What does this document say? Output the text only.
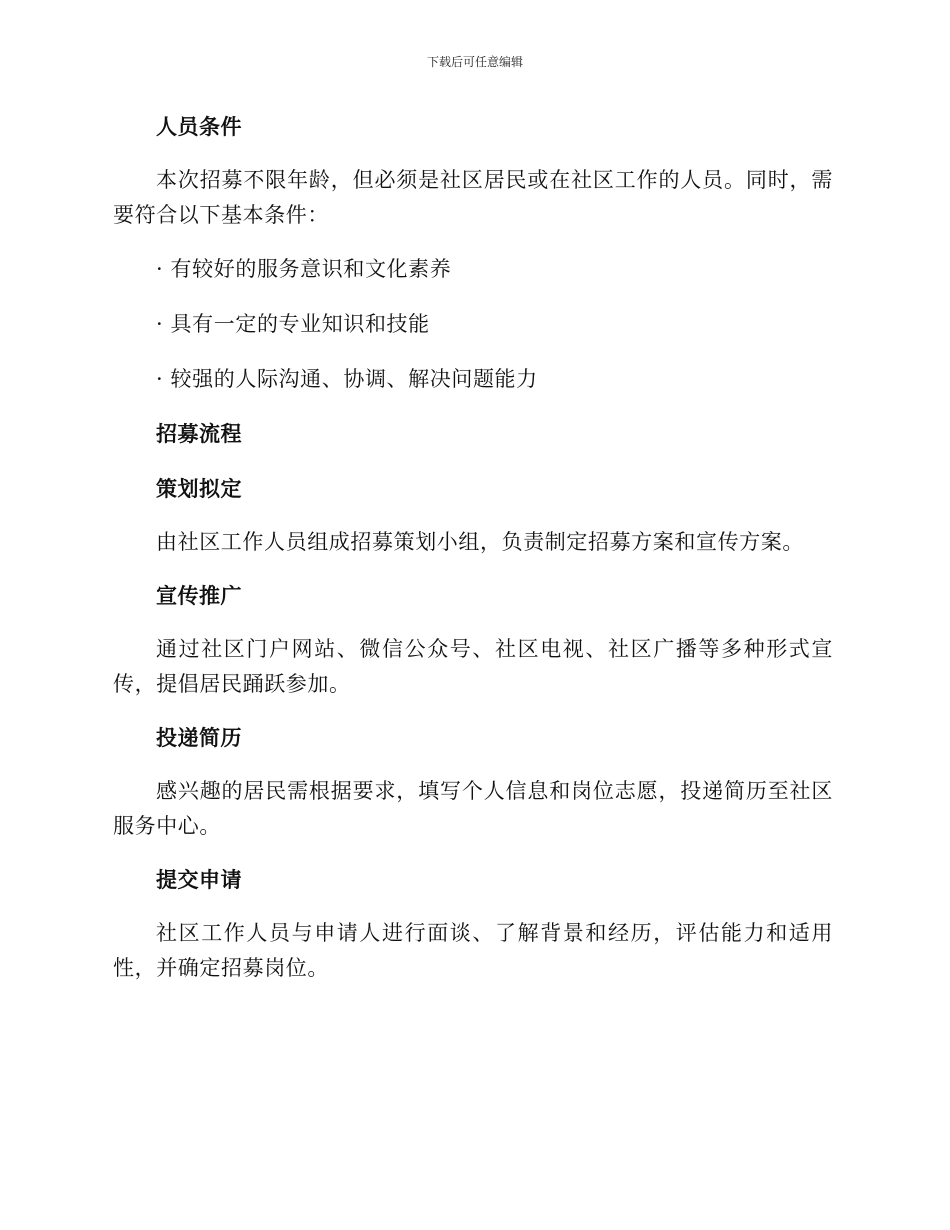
下载后可任意编辑
人员条件

本次招募不限年龄，但必须是社区居民或在社区工作的人员。同时，需要符合以下基本条件：

· 有较好的服务意识和文化素养
· 具有一定的专业知识和技能
· 较强的人际沟通、协调、解决问题能力
招募流程
策划拟定

由社区工作人员组成招募策划小组，负责制定招募方案和宣传方案。

宣传推广

通过社区门户网站、微信公众号、社区电视、社区广播等多种形式宣传，提倡居民踊跃参加。

投递简历

感兴趣的居民需根据要求，填写个人信息和岗位志愿，投递简历至社区服务中心。

提交申请

社区工作人员与申请人进行面谈、了解背景和经历，评估能力和适用性，并确定招募岗位。
